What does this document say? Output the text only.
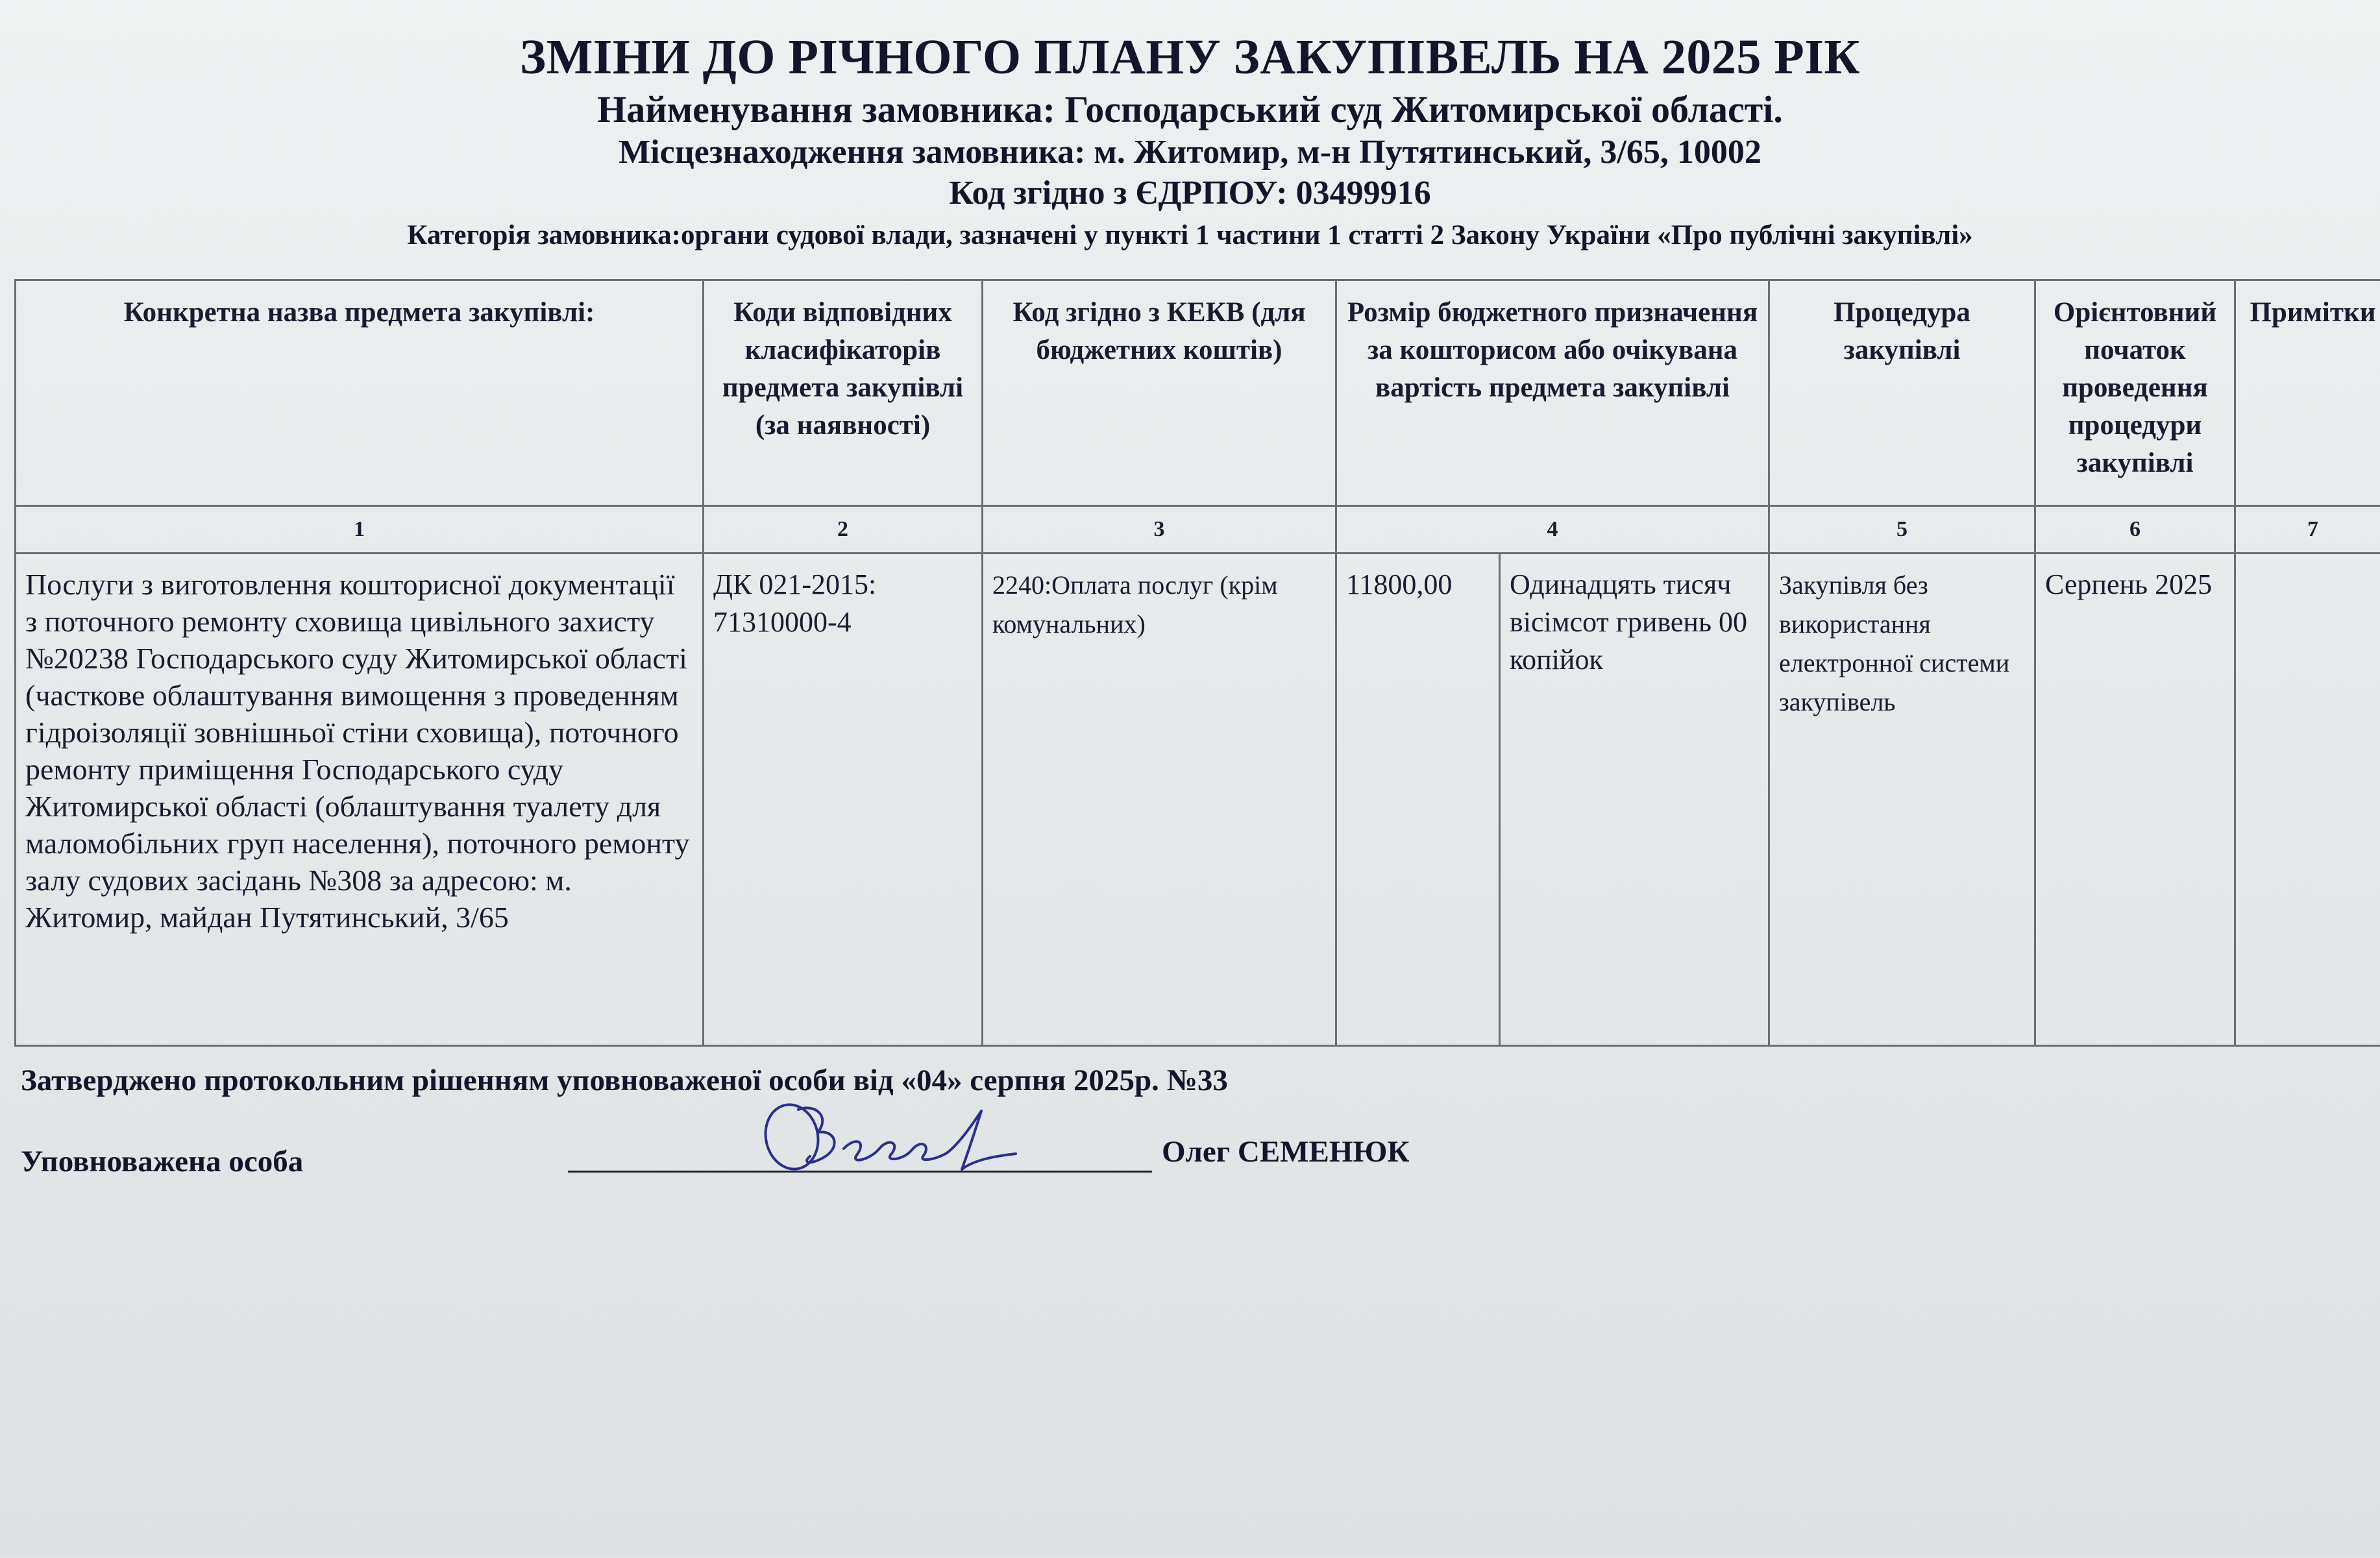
ЗМІНИ ДО РІЧНОГО ПЛАНУ ЗАКУПІВЕЛЬ НА 2025 РІК
Найменування замовника: Господарський суд Житомирської області.
Місцезнаходження замовника: м. Житомир, м-н Путятинський, 3/65, 10002
Код згідно з ЄДРПОУ: 03499916
Категорія замовника:органи судової влади, зазначені у пункті 1 частини 1 статті 2 Закону України «Про публічні закупівлі»
Конкретна назва предмета закупівлі:	Коди відповідних класифікаторів предмета закупівлі (за наявності)	Код згідно з КЕКВ (для бюджетних коштів)	Розмір бюджетного призначення за кошторисом або очікувана вартість предмета закупівлі		Процедура закупівлі	Орієнтовний початок проведення процедури закупівлі	Примітки
1	2	3	4		5	6	7
Послуги з виготовлення кошторисної документації з поточного ремонту сховища цивільного захисту №20238 Господарського суду Житомирської області (часткове облаштування вимощення з проведенням гідроізоляції зовнішньої стіни сховища), поточного ремонту приміщення Господарського суду Житомирської області (облаштування туалету для маломобільних груп населення), поточного ремонту залу судових засідань №308 за адресою: м. Житомир, майдан Путятинський, 3/65	ДК 021-2015: 71310000-4	2240:Оплата послуг (крім комунальних)	11800,00	Одинадцять тисяч вісімсот гривень 00 копійок	Закупівля без використання електронної системи закупівель	Серпень 2025	
Затверджено протокольним рішенням уповноваженої особи від «04» серпня 2025р. №33
Уповноважена особа	Олег СЕМЕНЮК
